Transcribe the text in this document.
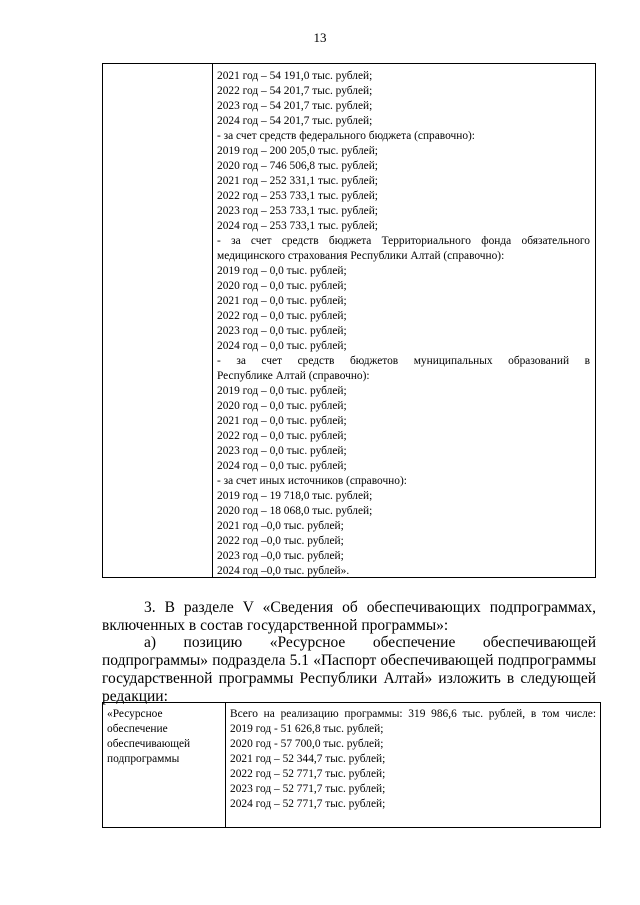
13
2021 год – 54 191,0 тыс. рублей;
2022 год – 54 201,7 тыс. рублей;
2023 год – 54 201,7 тыс. рублей;
2024 год – 54 201,7 тыс. рублей;
- за счет средств федерального бюджета (справочно):
2019 год – 200 205,0 тыс. рублей;
2020 год – 746 506,8 тыс. рублей;
2021 год – 252 331,1 тыс. рублей;
2022 год – 253 733,1 тыс. рублей;
2023 год – 253 733,1 тыс. рублей;
2024 год – 253 733,1 тыс. рублей;
- за счет средств бюджета Территориального фонда обязательного
медицинского страхования Республики Алтай (справочно):
2019 год – 0,0 тыс. рублей;
2020 год – 0,0 тыс. рублей;
2021 год – 0,0 тыс. рублей;
2022 год – 0,0 тыс. рублей;
2023 год – 0,0 тыс. рублей;
2024 год – 0,0 тыс. рублей;
- за счет средств бюджетов муниципальных образований в
Республике Алтай (справочно):
2019 год – 0,0 тыс. рублей;
2020 год – 0,0 тыс. рублей;
2021 год – 0,0 тыс. рублей;
2022 год – 0,0 тыс. рублей;
2023 год – 0,0 тыс. рублей;
2024 год – 0,0 тыс. рублей;
- за счет иных источников (справочно):
2019 год – 19 718,0 тыс. рублей;
2020 год – 18 068,0 тыс. рублей;
2021 год –0,0 тыс. рублей;
2022 год –0,0 тыс. рублей;
2023 год –0,0 тыс. рублей;
2024 год –0,0 тыс. рублей».
3. В разделе V «Сведения об обеспечивающих подпрограммах,
включенных в состав государственной программы»:
а) позицию «Ресурсное обеспечение обеспечивающей
подпрограммы» подраздела 5.1 «Паспорт обеспечивающей подпрограммы
государственной программы Республики Алтай» изложить в следующей
редакции:
«Ресурсное
обеспечение
обеспечивающей
подпрограммы
Всего на реализацию программы: 319 986,6 тыс. рублей, в том числе:
2019 год - 51 626,8 тыс. рублей;
2020 год - 57 700,0 тыс. рублей;
2021 год – 52 344,7 тыс. рублей;
2022 год – 52 771,7 тыс. рублей;
2023 год – 52 771,7 тыс. рублей;
2024 год – 52 771,7 тыс. рублей;
